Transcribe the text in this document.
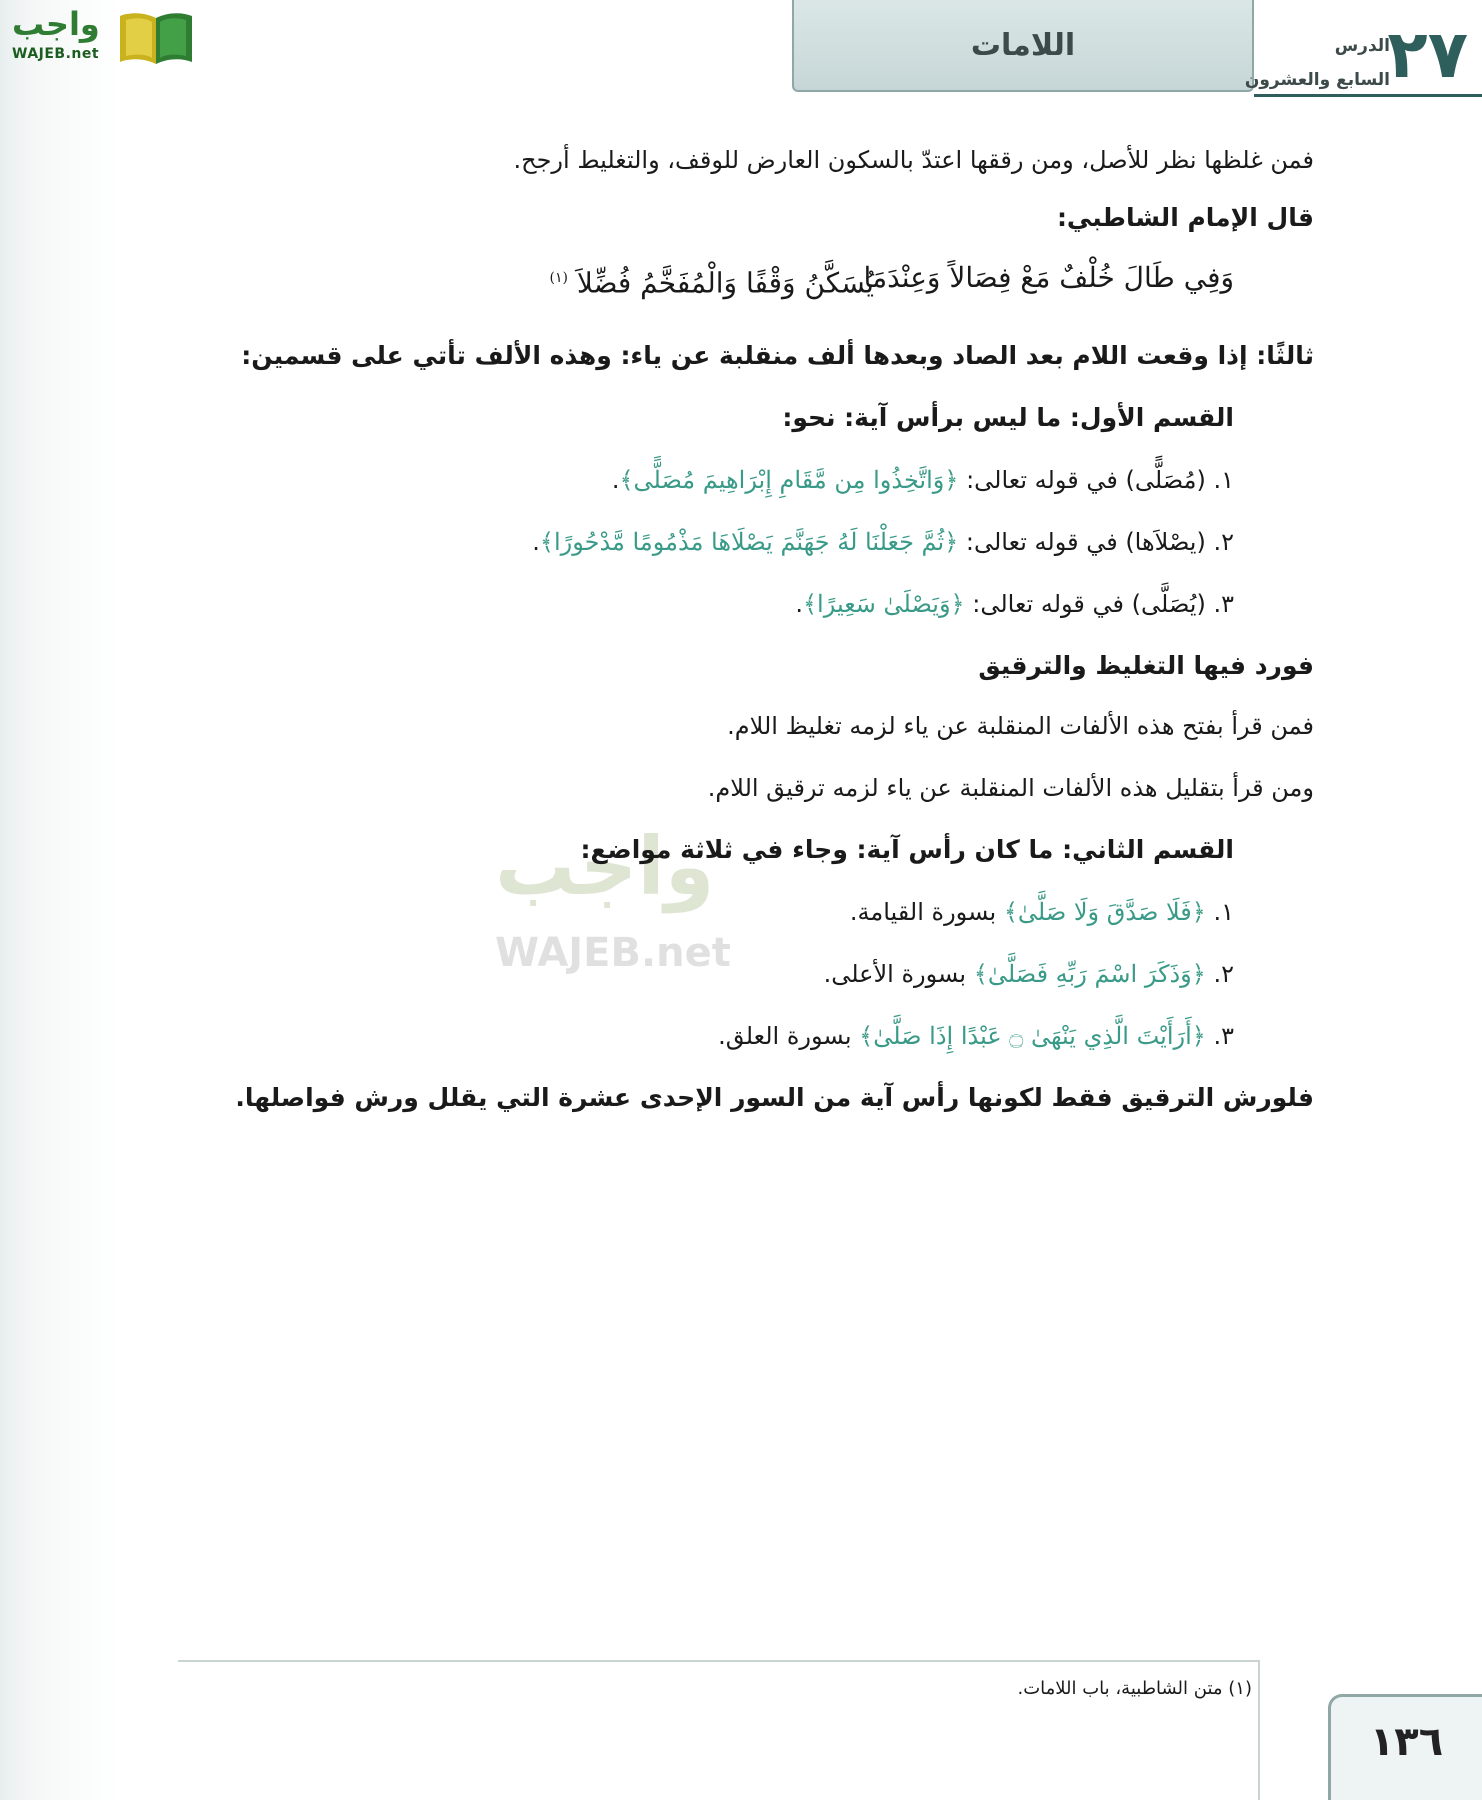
واجب
WAJEB.net	اللامات	٢٧
الدرس
السابع والعشرون
واجب
WAJEB.net
فمن غلظها نظر للأصل، ومن رققها اعتدّ بالسكون العارض للوقف، والتغليط أرجح.
قال الإمام الشاطبي:
وَفِي طَالَ خُلْفٌ مَعْ فِصَالاً وَعِنْدَمَا
يُسَكَّنُ وَقْفًا وَالْمُفَخَّمُ فُضِّلاَ $^{(١)}$
ثالثًا: إذا وقعت اللام بعد الصاد وبعدها ألف منقلبة عن ياء: وهذه الألف تأتي على قسمين:
القسم الأول: ما ليس برأس آية: نحو:
١. (مُصَلًّى) في قوله تعالى: ﴿وَاتَّخِذُوا مِن مَّقَامِ إِبْرَاهِيمَ مُصَلًّى﴾.
٢. (يصْلاَها) في قوله تعالى: ﴿ثُمَّ جَعَلْنَا لَهُ جَهَنَّمَ يَصْلَاهَا مَذْمُومًا مَّدْحُورًا﴾.
٣. (يُصَلَّى) في قوله تعالى: ﴿وَيَصْلَىٰ سَعِيرًا﴾.
فورد فيها التغليظ والترقيق
فمن قرأ بفتح هذه الألفات المنقلبة عن ياء لزمه تغليظ اللام.
ومن قرأ بتقليل هذه الألفات المنقلبة عن ياء لزمه ترقيق اللام.
القسم الثاني: ما كان رأس آية: وجاء في ثلاثة مواضع:
١. ﴿فَلَا صَدَّقَ وَلَا صَلَّىٰ﴾ بسورة القيامة.
٢. ﴿وَذَكَرَ اسْمَ رَبِّهِ فَصَلَّىٰ﴾ بسورة الأعلى.
٣. ﴿أَرَأَيْتَ الَّذِي يَنْهَىٰ ۝ عَبْدًا إِذَا صَلَّىٰ﴾ بسورة العلق.
فلورش الترقيق فقط لكونها رأس آية من السور الإحدى عشرة التي يقلل ورش فواصلها.
(١) متن الشاطبية، باب اللامات.
١٣٦
